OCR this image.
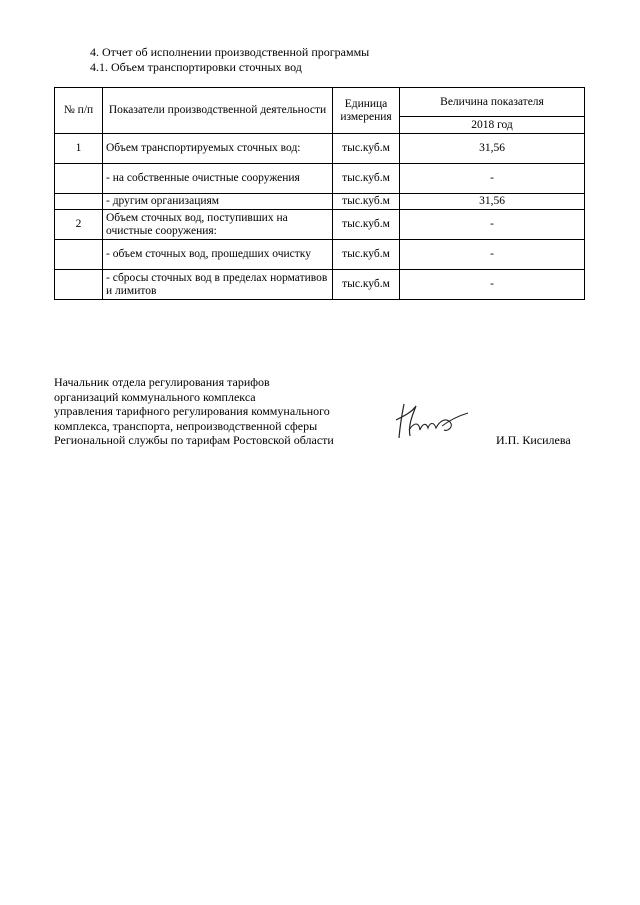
4. Отчет об исполнении производственной программы
4.1. Объем транспортировки сточных вод
№ п/п	Показатели производственной деятельности	Единица измерения	Величина показателя
			2018 год
1	Объем транспортируемых сточных вод:	тыс.куб.м	31,56
	- на собственные очистные сооружения	тыс.куб.м	-
	- другим организациям	тыс.куб.м	31,56
2	Объем сточных вод, поступивших на очистные сооружения:	тыс.куб.м	-
	- объем сточных вод, прошедших очистку	тыс.куб.м	-
	- сбросы сточных вод в пределах нормативов и лимитов	тыс.куб.м	-
Начальник отдела регулирования тарифов
организаций коммунального комплекса
управления тарифного регулирования коммунального
комплекса, транспорта, непроизводственной сферы
Региональной службы по тарифам Ростовской области	И.П. Кисилева
